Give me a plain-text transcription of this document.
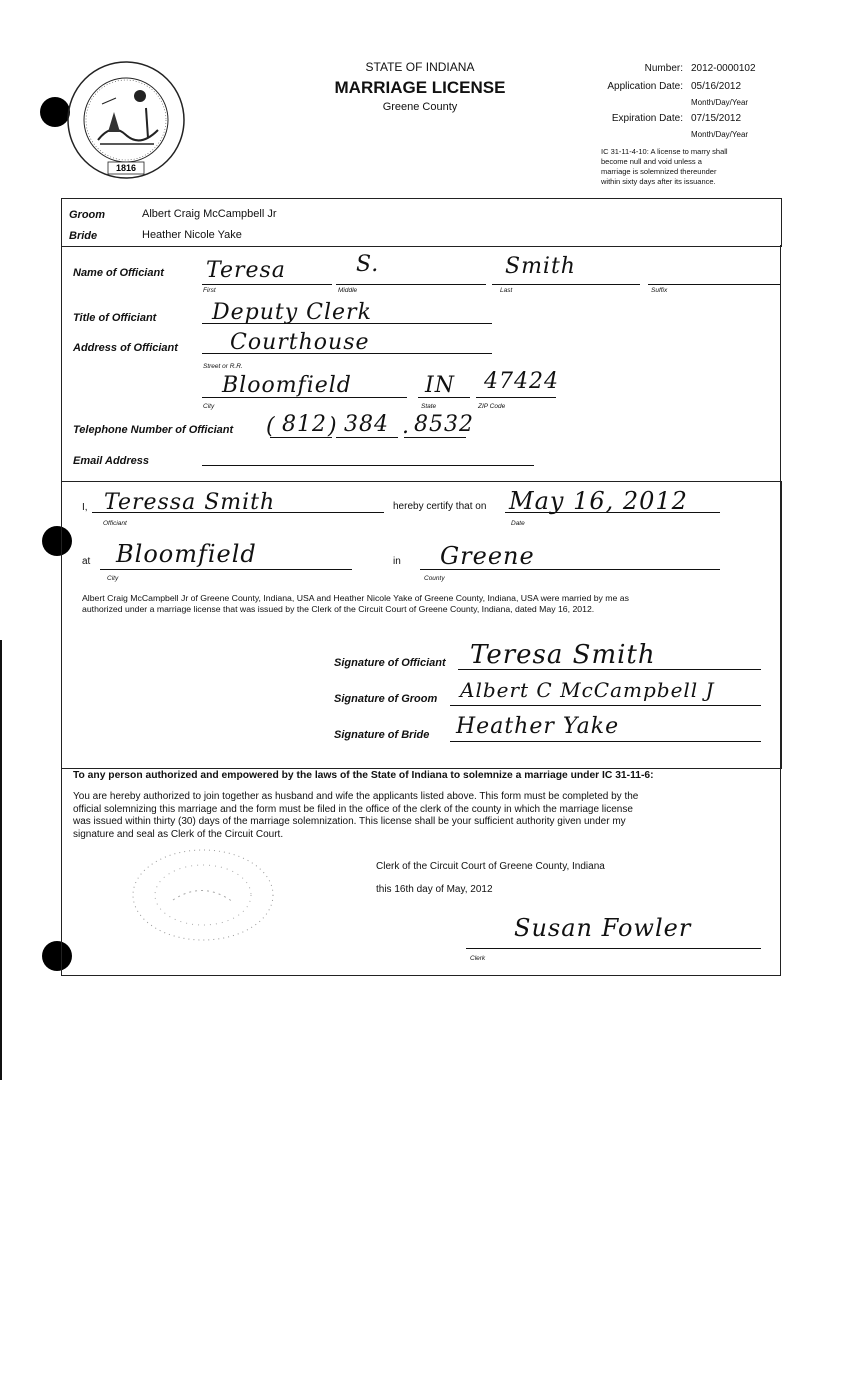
1816
STATE OF INDIANA
MARRIAGE LICENSE
Greene County
Number: 2012-0000102
Application Date: 05/16/2012
Month/Day/Year
Expiration Date: 07/15/2012
Month/Day/Year
IC 31-11-4-10: A license to marry shall
become null and void unless a
marriage is solemnized thereunder
within sixty days after its issuance.
Groom	Albert Craig McCampbell Jr
Bride	Heather Nicole Yake
Name of Officiant Teresa	S.	Smith
First	Middle	Last	Suffix
Title of Officiant	Deputy Clerk
Address of Officiant Courthouse
Street or R.R.
Bloomfield	IN 47424
City	State	ZIP Code
Telephone Number of Officiant ( 812 ) 384 . 8532
Email Address
I, Teressa Smith
Officiant
hereby certify that on May 16, 2012
Date
at Bloomfield
City
in Greene
County
Albert Craig McCampbell Jr of Greene County, Indiana, USA and Heather Nicole Yake of Greene County, Indiana, USA were married by me as
authorized under a marriage license that was issued by the Clerk of the Circuit Court of Greene County, Indiana, dated May 16, 2012.
Signature of Officiant Teresa Smith
Signature of Groom Albert C McCampbell J
Signature of Bride Heather Yake
To any person authorized and empowered by the laws of the State of Indiana to solemnize a marriage under IC 31-11-6:
You are hereby authorized to join together as husband and wife the applicants listed above. This form must be completed by the
official solemnizing this marriage and the form must be filed in the office of the clerk of the county in which the marriage license
was issued within thirty (30) days of the marriage solemnization. This license shall be your sufficient authority given under my
signature and seal as Clerk of the Circuit Court.
Clerk of the Circuit Court of Greene County, Indiana
this 16th day of May, 2012
Susan Fowler
Clerk
